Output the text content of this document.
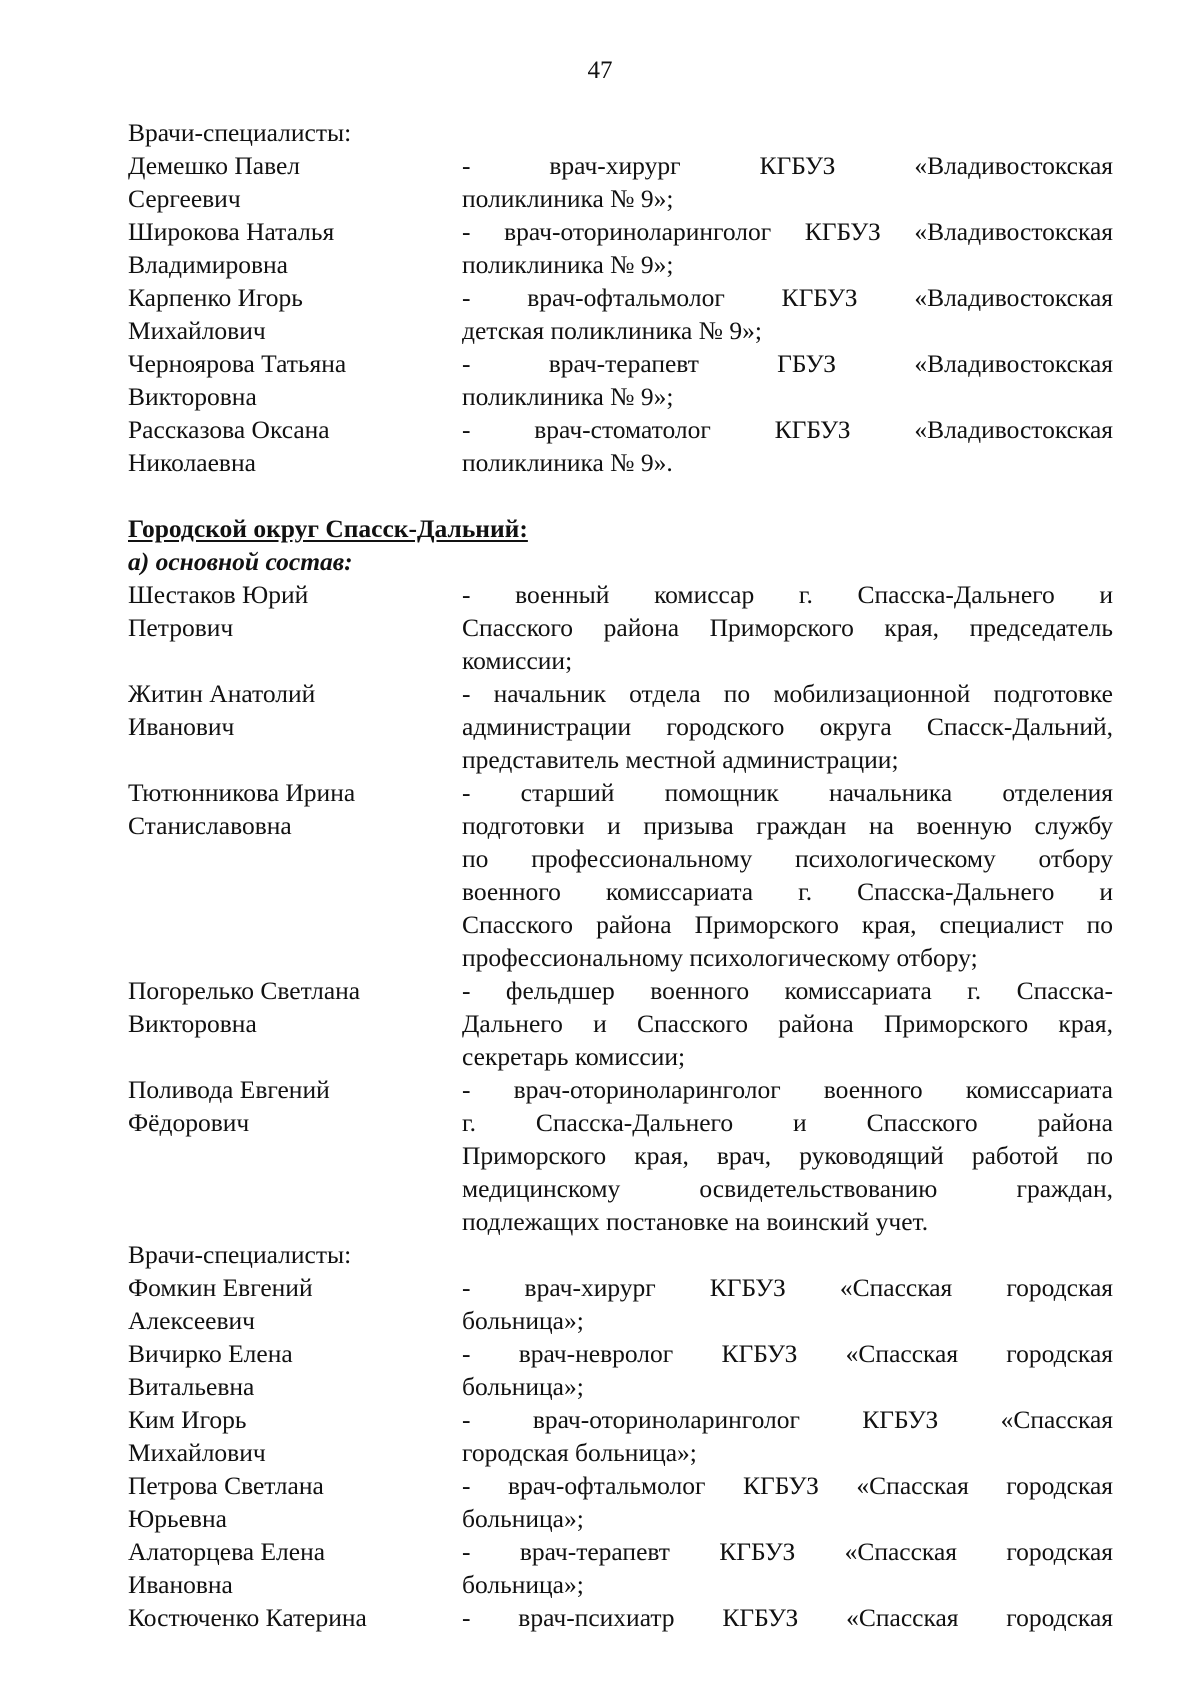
47
Врачи-специалисты:
Демешко Павел
Сергеевич
- врач-хирург КГБУЗ «Владивостокская
поликлиника № 9»;
Широкова Наталья
Владимировна
- врач-оториноларинголог КГБУЗ «Владивостокская
поликлиника № 9»;
Карпенко Игорь
Михайлович
- врач-офтальмолог КГБУЗ «Владивостокская
детская поликлиника № 9»;
Черноярова Татьяна
Викторовна
- врач-терапевт ГБУЗ «Владивостокская
поликлиника № 9»;
Рассказова Оксана
Николаевна
- врач-стоматолог КГБУЗ «Владивостокская
поликлиника № 9».
Городской округ Спасск-Дальний:
а) основной состав:
Шестаков Юрий
Петрович
- военный комиссар г. Спасска-Дальнего и
Спасского района Приморского края, председатель
комиссии;
Житин Анатолий
Иванович
- начальник отдела по мобилизационной подготовке
администрации городского округа Спасск-Дальний,
представитель местной администрации;
Тютюнникова Ирина
Станиславовна
- старший помощник начальника отделения
подготовки и призыва граждан на военную службу
по профессиональному психологическому отбору
военного комиссариата г. Спасска-Дальнего и
Спасского района Приморского края, специалист по
профессиональному психологическому отбору;
Погорелько Светлана
Викторовна
- фельдшер военного комиссариата г. Спасска-
Дальнего и Спасского района Приморского края,
секретарь комиссии;
Поливода Евгений
Фёдорович
- врач-оториноларинголог военного комиссариата
г. Спасска-Дальнего и Спасского района
Приморского края, врач, руководящий работой по
медицинскому освидетельствованию граждан,
подлежащих постановке на воинский учет.
Врачи-специалисты:
Фомкин Евгений
Алексеевич
- врач-хирург КГБУЗ «Спасская городская
больница»;
Вичирко Елена
Витальевна
- врач-невролог КГБУЗ «Спасская городская
больница»;
Ким Игорь
Михайлович
- врач-оториноларинголог КГБУЗ «Спасская
городская больница»;
Петрова Светлана
Юрьевна
- врач-офтальмолог КГБУЗ «Спасская городская
больница»;
Алаторцева Елена
Ивановна
- врач-терапевт КГБУЗ «Спасская городская
больница»;
Костюченко Катерина	- врач-психиатр КГБУЗ «Спасская городская
